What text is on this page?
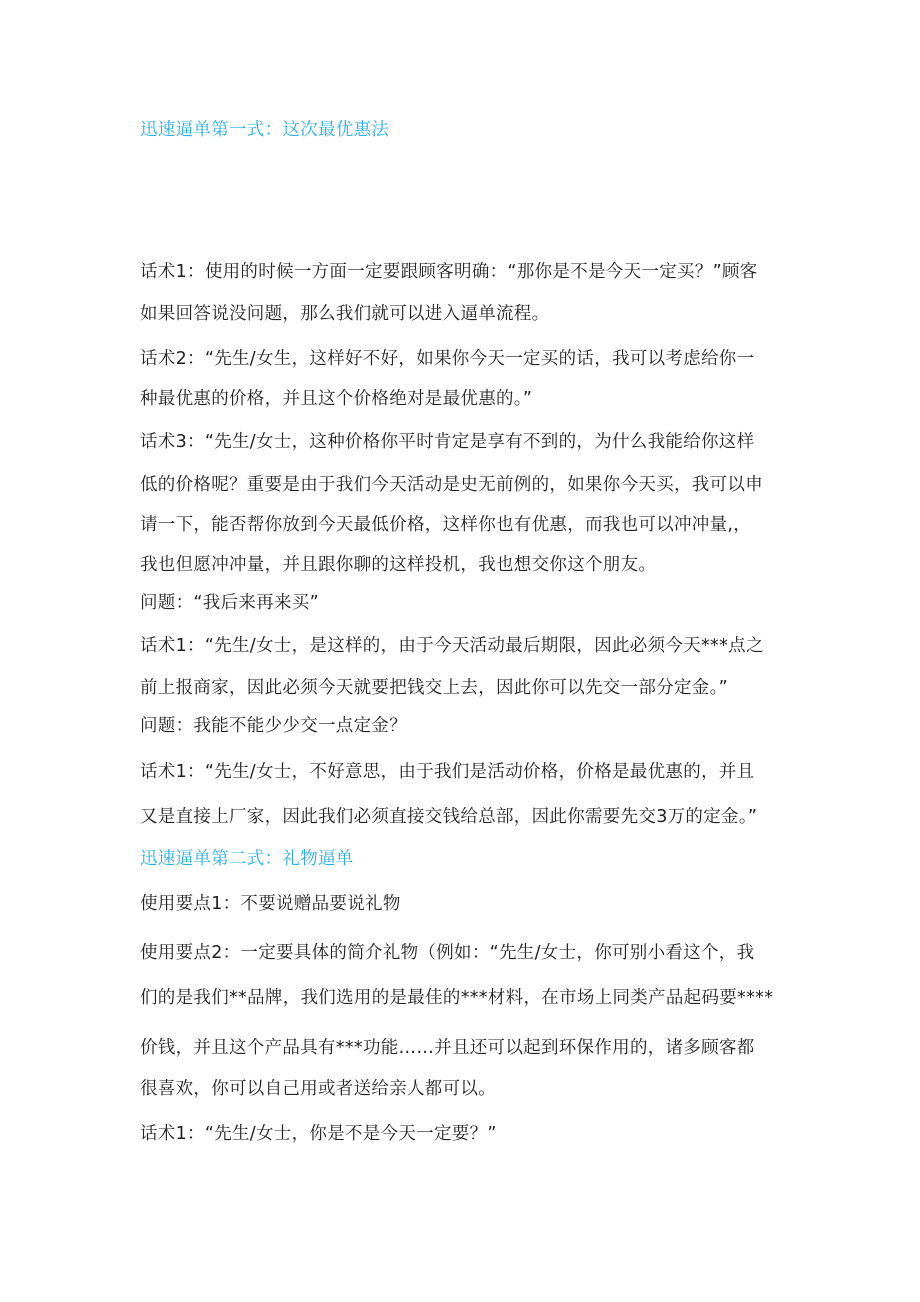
迅速逼单第一式：这次最优惠法
话术1：使用的时候一方面一定要跟顾客明确：“那你是不是今天一定买？”顾客
如果回答说没问题，那么我们就可以进入逼单流程。
话术2：“先生/女生，这样好不好，如果你今天一定买的话，我可以考虑给你一
种最优惠的价格，并且这个价格绝对是最优惠的。”
话术3：“先生/女士，这种价格你平时肯定是享有不到的，为什么我能给你这样
低的价格呢？重要是由于我们今天活动是史无前例的，如果你今天买，我可以申
请一下，能否帮你放到今天最低价格，这样你也有优惠，而我也可以冲冲量,，
我也但愿冲冲量，并且跟你聊的这样投机，我也想交你这个朋友。
问题：“我后来再来买”
话术1：“先生/女士，是这样的，由于今天活动最后期限，因此必须今天***点之
前上报商家，因此必须今天就要把钱交上去，因此你可以先交一部分定金。”
问题：我能不能少少交一点定金？
话术1：“先生/女士，不好意思，由于我们是活动价格，价格是最优惠的，并且
又是直接上厂家，因此我们必须直接交钱给总部，因此你需要先交3万的定金。”
迅速逼单第二式：礼物逼单
使用要点1：不要说赠品要说礼物
使用要点2：一定要具体的简介礼物（例如：“先生/女士，你可别小看这个，我
们的是我们**品牌，我们选用的是最佳的***材料，在市场上同类产品起码要****
价钱，并且这个产品具有***功能……并且还可以起到环保作用的，诸多顾客都
很喜欢，你可以自己用或者送给亲人都可以。
话术1：“先生/女士，你是不是今天一定要？”
